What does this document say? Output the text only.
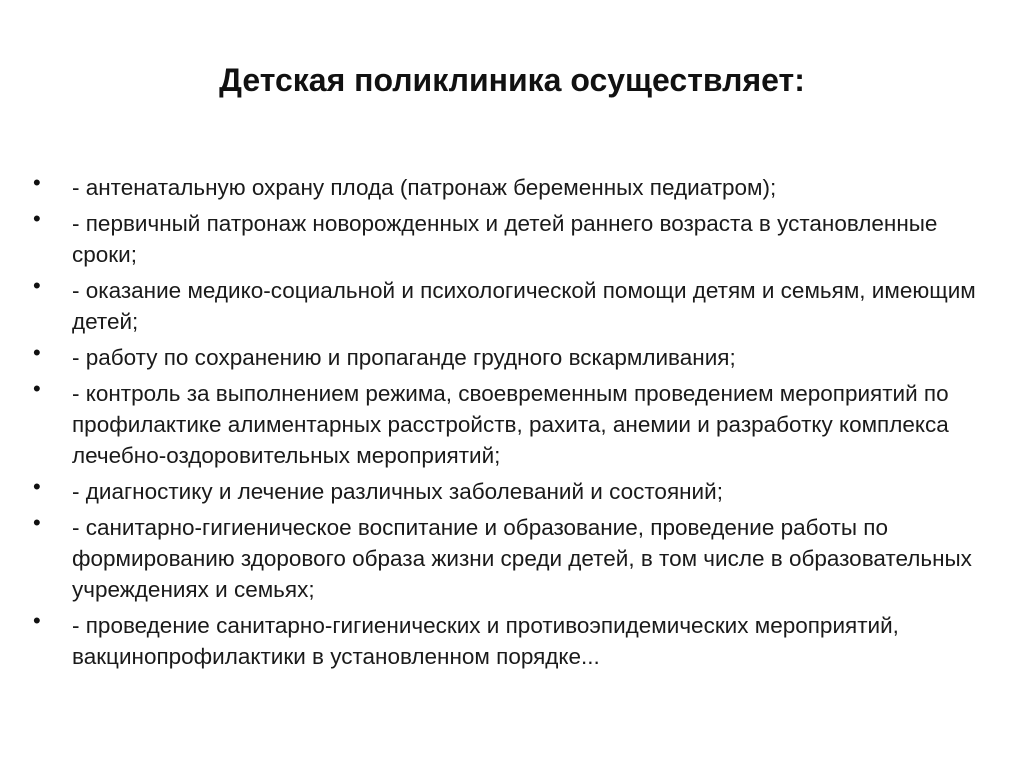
Детская поликлиника осуществляет:
• - антенатальную охрану плода (патронаж беременных педиатром);
• - первичный патронаж новорожденных и детей раннего возраста в установленные сроки;
• - оказание медико-социальной и психологической помощи детям и семьям, имеющим детей;
• - работу по сохранению и пропаганде грудного вскармливания;
• - контроль за выполнением режима, своевременным проведением мероприятий по профилактике алиментарных расстройств, рахита, анемии и разработку комплекса лечебно-оздоровительных мероприятий;
• - диагностику и лечение различных заболеваний и состояний;
• - санитарно-гигиеническое воспитание и образование, проведение работы по формированию здорового образа жизни среди детей, в том числе в образовательных учреждениях и семьях;
• - проведение санитарно-гигиенических и противоэпидемических мероприятий, вакцинопрофилактики в установленном порядке...
